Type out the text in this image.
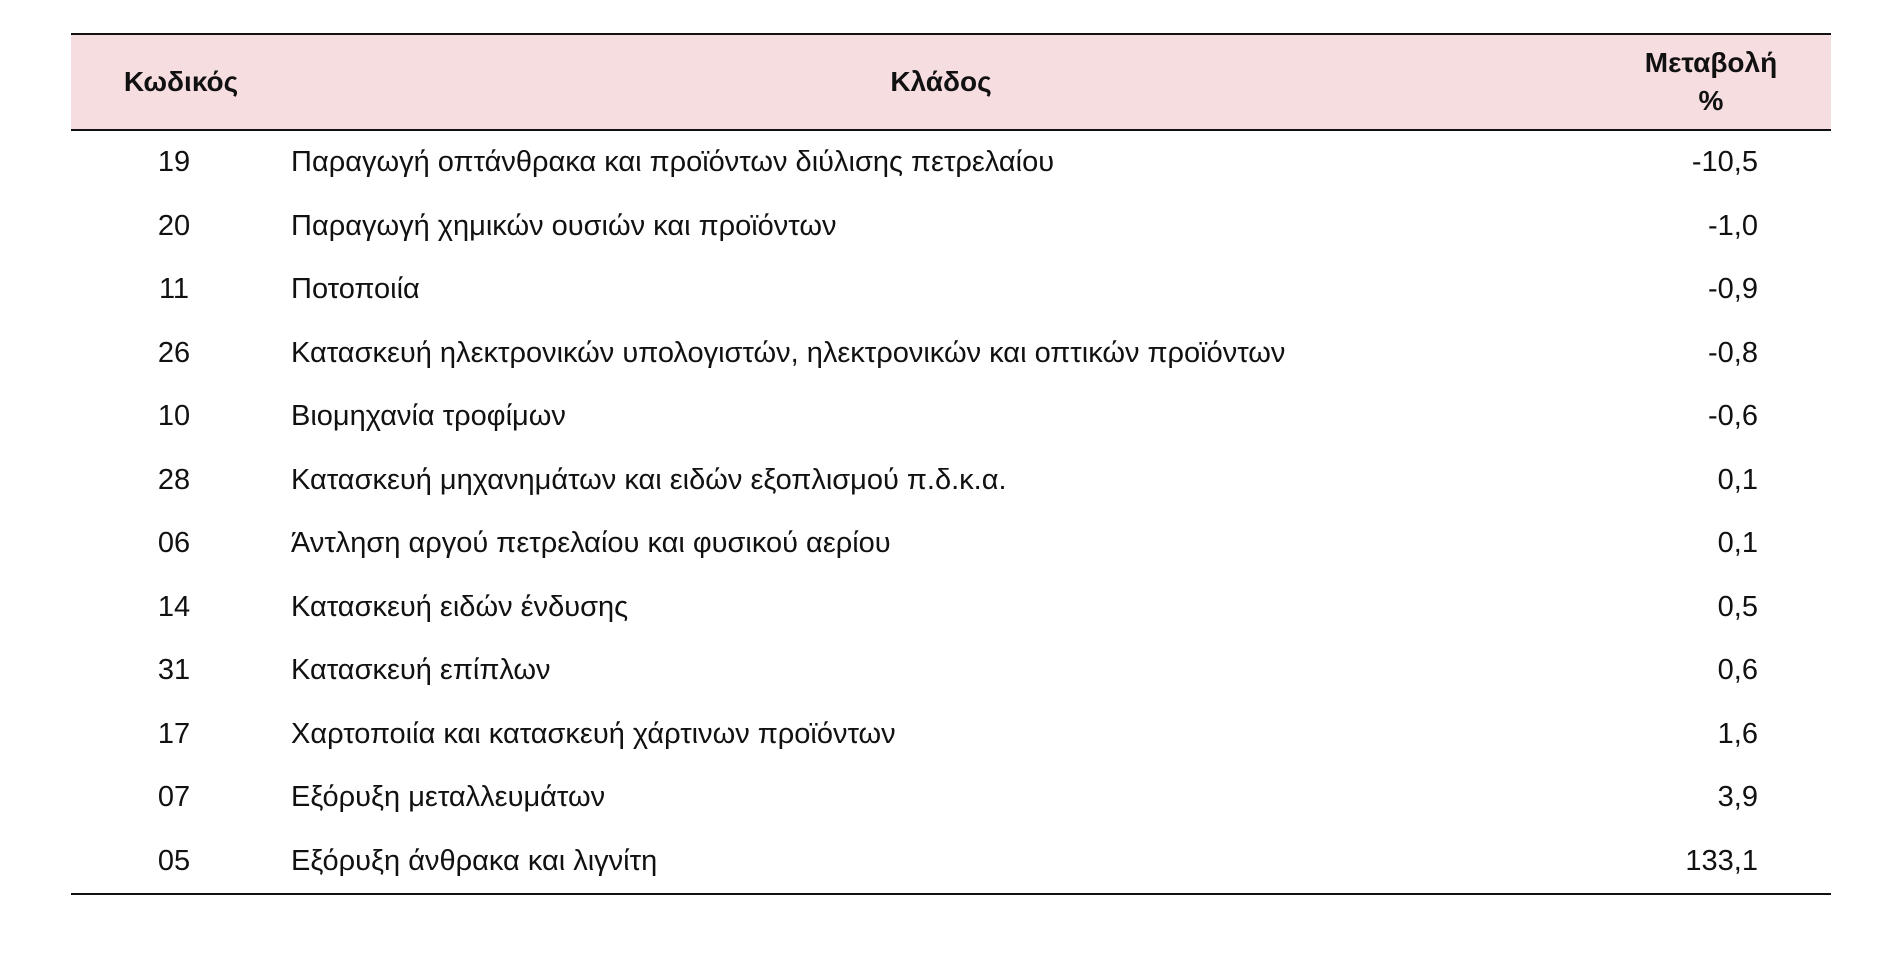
Κωδικός	Κλάδος	Μεταβολή
%

19	Παραγωγή οπτάνθρακα και προϊόντων διύλισης πετρελαίου	-10,5
20	Παραγωγή χημικών ουσιών και προϊόντων	-1,0
11	Ποτοποιία	-0,9
26	Κατασκευή ηλεκτρονικών υπολογιστών, ηλεκτρονικών και οπτικών προϊόντων	-0,8
10	Βιομηχανία τροφίμων	-0,6
28	Κατασκευή μηχανημάτων και ειδών εξοπλισμού π.δ.κ.α.	0,1
06	Άντληση αργού πετρελαίου και φυσικού αερίου	0,1
14	Κατασκευή ειδών ένδυσης	0,5
31	Κατασκευή επίπλων	0,6
17	Χαρτοποιία και κατασκευή χάρτινων προϊόντων	1,6
07	Εξόρυξη μεταλλευμάτων	3,9
05	Εξόρυξη άνθρακα και λιγνίτη	133,1
